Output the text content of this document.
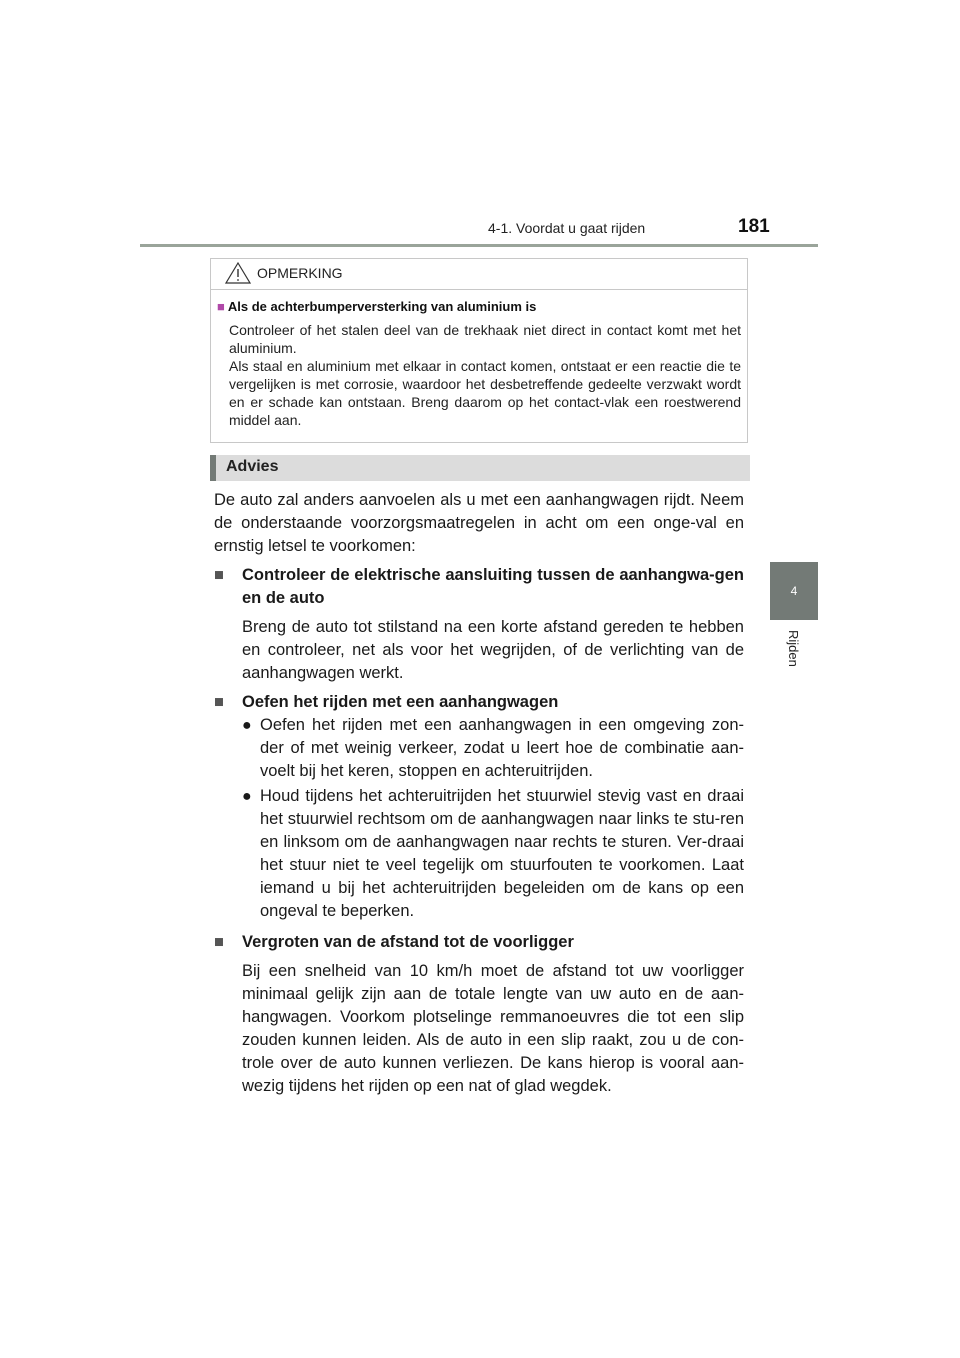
4-1. Voordat u gaat rijden	181
4
Rijden
OPMERKING
■ Als de achterbumperversterking van aluminium is

Controleer of het stalen deel van de trekhaak niet direct in contact komt met het aluminium.

Als staal en aluminium met elkaar in contact komen, ontstaat er een reactie die te vergelijken is met corrosie, waardoor het desbetreffende gedeelte verzwakt wordt en er schade kan ontstaan. Breng daarom op het contact-vlak een roestwerend middel aan.

Advies

De auto zal anders aanvoelen als u met een aanhangwagen rijdt. Neem de onderstaande voorzorgsmaatregelen in acht om een onge-val en ernstig letsel te voorkomen:

■	Controleer de elektrische aansluiting tussen de aanhangwa-gen en de auto

Breng de auto tot stilstand na een korte afstand gereden te hebben en controleer, net als voor het wegrijden, of de verlichting van de aanhangwagen werkt.

■	Oefen het rijden met een aanhangwagen
● Oefen het rijden met een aanhangwagen in een omgeving zon-der of met weinig verkeer, zodat u leert hoe de combinatie aan-voelt bij het keren, stoppen en achteruitrijden.
● Houd tijdens het achteruitrijden het stuurwiel stevig vast en draai het stuurwiel rechtsom om de aanhangwagen naar links te stu-ren en linksom om de aanhangwagen naar rechts te sturen. Ver-draai het stuur niet te veel tegelijk om stuurfouten te voorkomen. Laat iemand u bij het achteruitrijden begeleiden om de kans op een ongeval te beperken.
■	Vergroten van de afstand tot de voorligger

Bij een snelheid van 10 km/h moet de afstand tot uw voorligger minimaal gelijk zijn aan de totale lengte van uw auto en de aan-hangwagen. Voorkom plotselinge remmanoeuvres die tot een slip zouden kunnen leiden. Als de auto in een slip raakt, zou u de con-trole over de auto kunnen verliezen. De kans hierop is vooral aan-wezig tijdens het rijden op een nat of glad wegdek.
